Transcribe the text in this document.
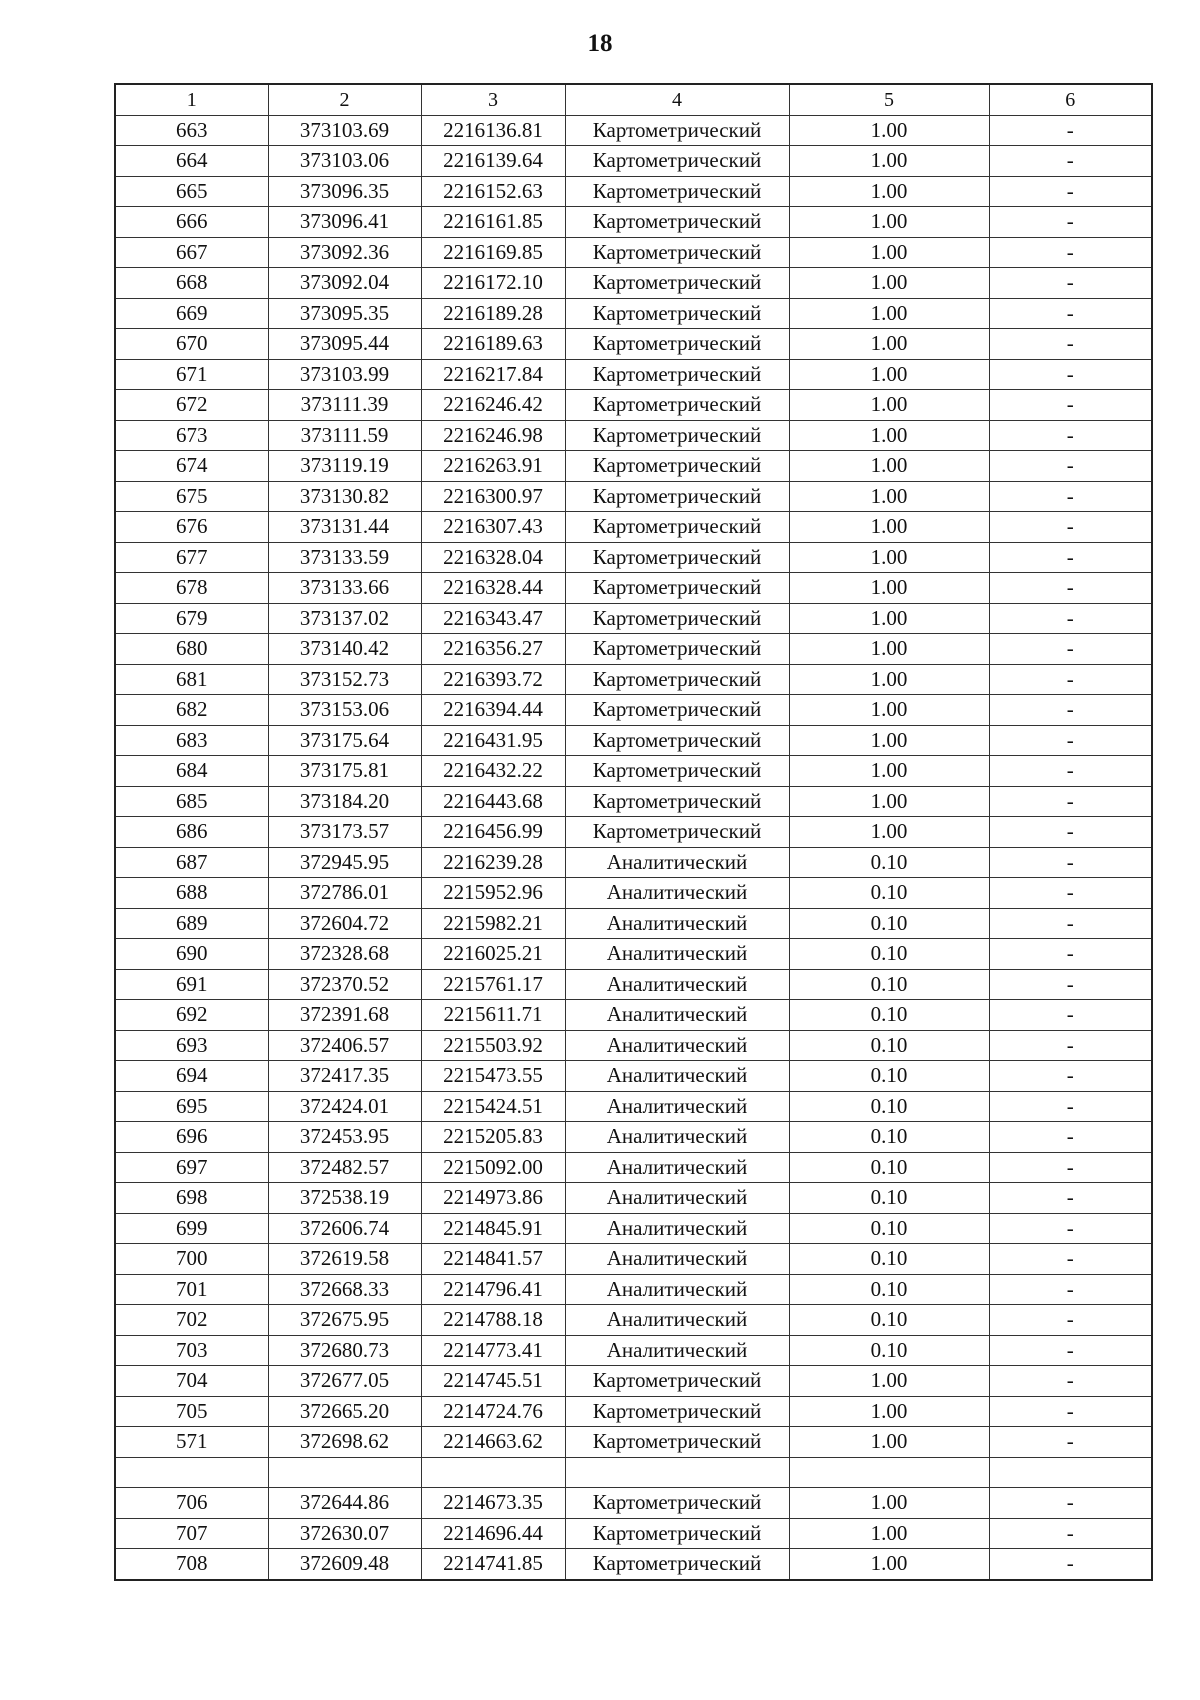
18
1	2	3	4	5	6
663	373103.69	2216136.81	Картометрический	1.00	-
664	373103.06	2216139.64	Картометрический	1.00	-
665	373096.35	2216152.63	Картометрический	1.00	-
666	373096.41	2216161.85	Картометрический	1.00	-
667	373092.36	2216169.85	Картометрический	1.00	-
668	373092.04	2216172.10	Картометрический	1.00	-
669	373095.35	2216189.28	Картометрический	1.00	-
670	373095.44	2216189.63	Картометрический	1.00	-
671	373103.99	2216217.84	Картометрический	1.00	-
672	373111.39	2216246.42	Картометрический	1.00	-
673	373111.59	2216246.98	Картометрический	1.00	-
674	373119.19	2216263.91	Картометрический	1.00	-
675	373130.82	2216300.97	Картометрический	1.00	-
676	373131.44	2216307.43	Картометрический	1.00	-
677	373133.59	2216328.04	Картометрический	1.00	-
678	373133.66	2216328.44	Картометрический	1.00	-
679	373137.02	2216343.47	Картометрический	1.00	-
680	373140.42	2216356.27	Картометрический	1.00	-
681	373152.73	2216393.72	Картометрический	1.00	-
682	373153.06	2216394.44	Картометрический	1.00	-
683	373175.64	2216431.95	Картометрический	1.00	-
684	373175.81	2216432.22	Картометрический	1.00	-
685	373184.20	2216443.68	Картометрический	1.00	-
686	373173.57	2216456.99	Картометрический	1.00	-
687	372945.95	2216239.28	Аналитический	0.10	-
688	372786.01	2215952.96	Аналитический	0.10	-
689	372604.72	2215982.21	Аналитический	0.10	-
690	372328.68	2216025.21	Аналитический	0.10	-
691	372370.52	2215761.17	Аналитический	0.10	-
692	372391.68	2215611.71	Аналитический	0.10	-
693	372406.57	2215503.92	Аналитический	0.10	-
694	372417.35	2215473.55	Аналитический	0.10	-
695	372424.01	2215424.51	Аналитический	0.10	-
696	372453.95	2215205.83	Аналитический	0.10	-
697	372482.57	2215092.00	Аналитический	0.10	-
698	372538.19	2214973.86	Аналитический	0.10	-
699	372606.74	2214845.91	Аналитический	0.10	-
700	372619.58	2214841.57	Аналитический	0.10	-
701	372668.33	2214796.41	Аналитический	0.10	-
702	372675.95	2214788.18	Аналитический	0.10	-
703	372680.73	2214773.41	Аналитический	0.10	-
704	372677.05	2214745.51	Картометрический	1.00	-
705	372665.20	2214724.76	Картометрический	1.00	-
571	372698.62	2214663.62	Картометрический	1.00	-

706	372644.86	2214673.35	Картометрический	1.00	-
707	372630.07	2214696.44	Картометрический	1.00	-
708	372609.48	2214741.85	Картометрический	1.00	-
